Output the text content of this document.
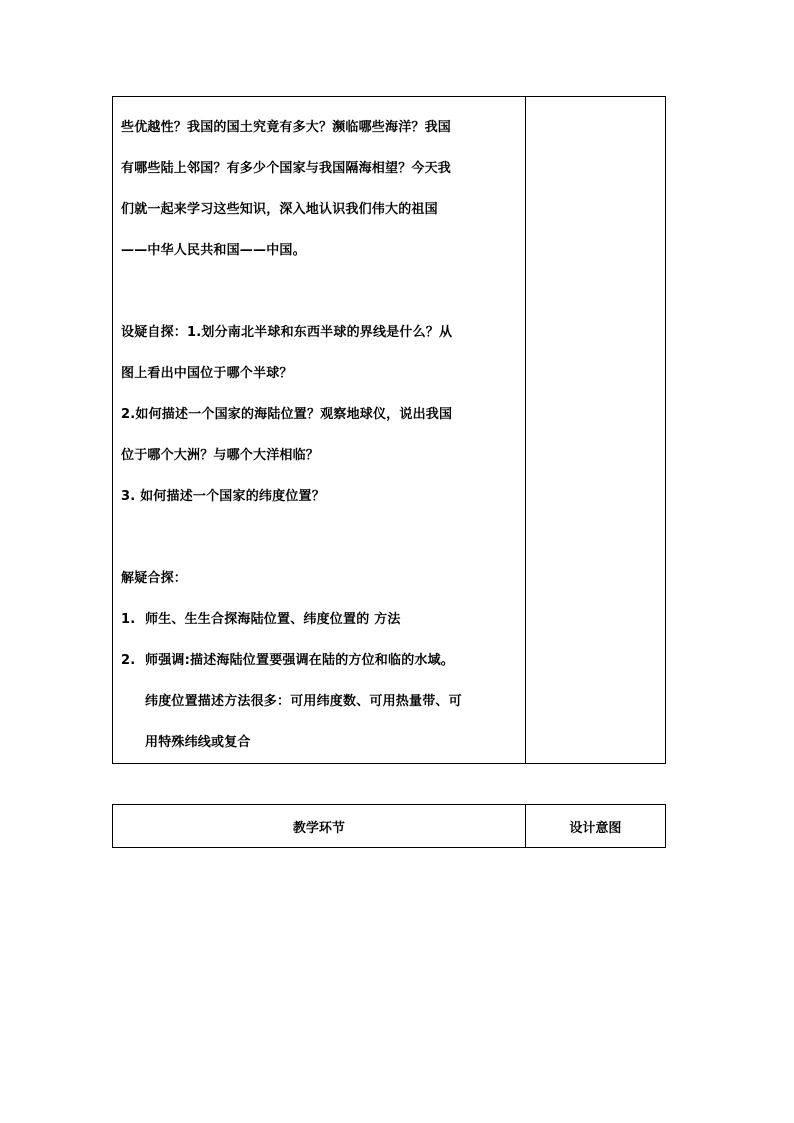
些优越性？我国的国土究竟有多大？濒临哪些海洋？我国
有哪些陆上邻国？有多少个国家与我国隔海相望？今天我
们就一起来学习这些知识，深入地认识我们伟大的祖国
——中华人民共和国——中国。
设疑自探：1.划分南北半球和东西半球的界线是什么？从
图上看出中国位于哪个半球？
2.如何描述一个国家的海陆位置？观察地球仪，说出我国
位于哪个大洲？与哪个大洋相临？
3. 如何描述一个国家的纬度位置？
解疑合探：
1. 师生、生生合探海陆位置、纬度位置的 方法
2. 师强调:描述海陆位置要强调在陆的方位和临的水域。
纬度位置描述方法很多：可用纬度数、可用热量带、可
用特殊纬线或复合

教学环节	设计意图
